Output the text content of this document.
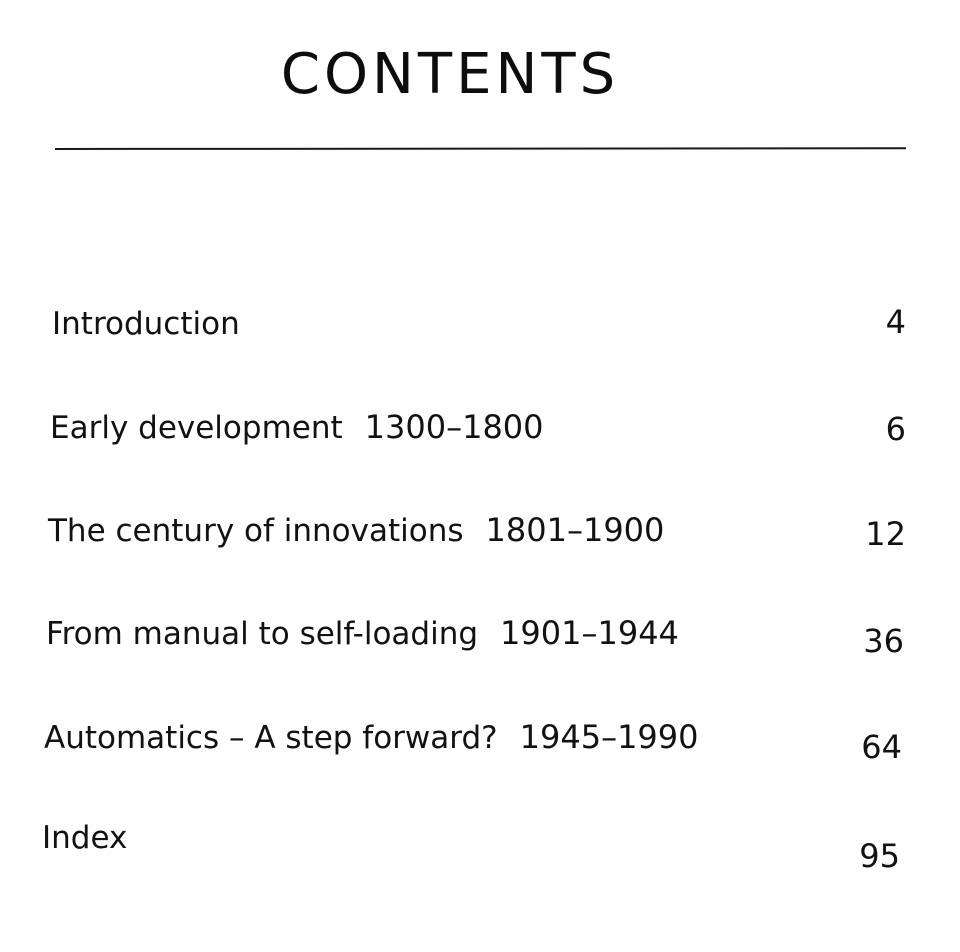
CONTENTS
Introduction	4
Early development 1300–1800	6
The century of innovations 1801–1900	12
From manual to self-loading 1901–1944	36
Automatics – A step forward? 1945–1990	64
Index	95
